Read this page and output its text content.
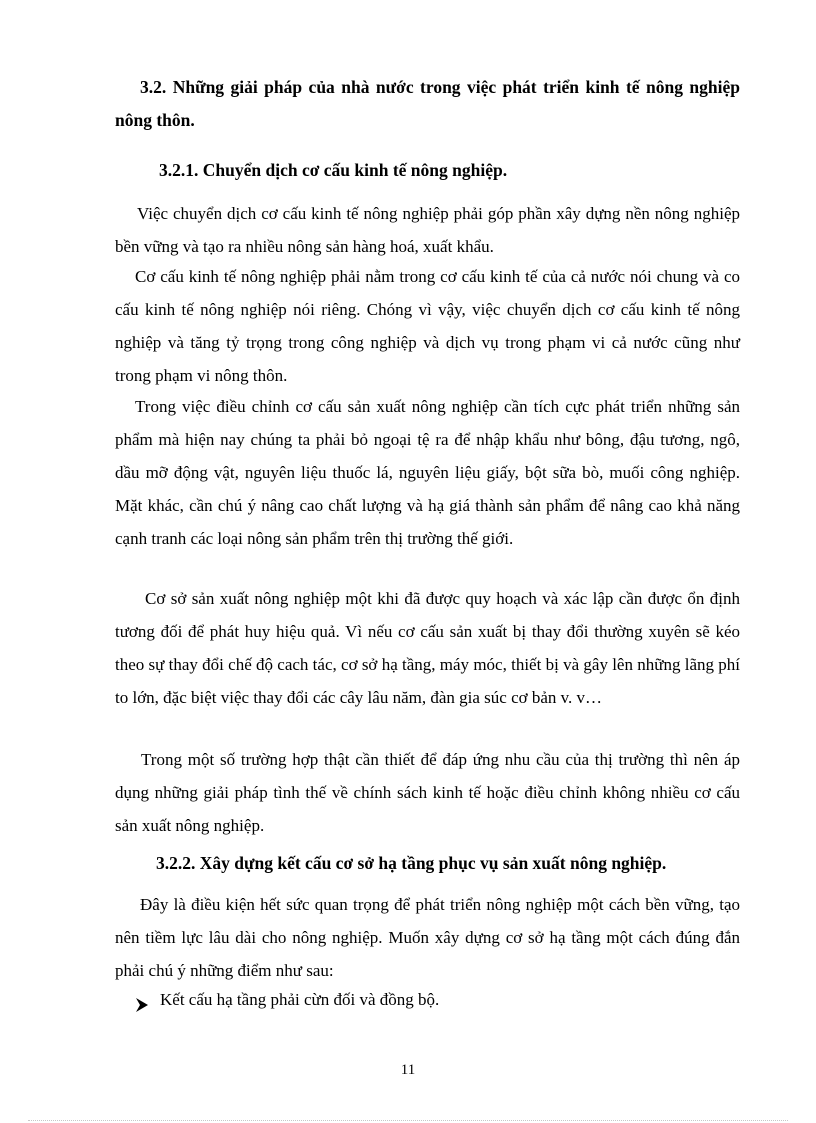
3.2. Những giải pháp của nhà nước trong việc phát triển kinh tế nông nghiệp nông thôn.

3.2.1. Chuyển dịch cơ cấu kinh tế nông nghiệp.

Việc chuyển dịch cơ cấu kinh tế nông nghiệp phải góp phần xây dựng nền nông nghiệp bền vững và tạo ra nhiều nông sản hàng hoá, xuất khẩu.

Cơ cấu kinh tế nông nghiệp phải nằm trong cơ cấu kinh tế của cả nước nói chung và co cấu kinh tế nông nghiệp nói riêng. Chóng vì vậy, việc chuyển dịch cơ cấu kinh tế nông nghiệp và tăng tỷ trọng trong công nghiệp và dịch vụ trong phạm vi cả nước cũng như trong phạm vi nông thôn.

Trong việc điều chỉnh cơ cấu sản xuất nông nghiệp cần tích cực phát triển những sản phẩm mà hiện nay chúng ta phải bỏ ngoại tệ ra để nhập khẩu như bông, đậu tương, ngô, dầu mỡ động vật, nguyên liệu thuốc lá, nguyên liệu giấy, bột sữa bò, muối công nghiệp. Mặt khác, cần chú ý nâng cao chất lượng và hạ giá thành sản phẩm để nâng cao khả năng cạnh tranh các loại nông sản phẩm trên thị trường thế giới.

Cơ sở sản xuất nông nghiệp một khi đã được quy hoạch và xác lập cần được ổn định tương đối để phát huy hiệu quả. Vì nếu cơ cấu sản xuất bị thay đổi thường xuyên sẽ kéo theo sự thay đổi chế độ cach tác, cơ sở hạ tầng, máy móc, thiết bị và gây lên những lãng phí to lớn, đặc biệt việc thay đổi các cây lâu năm, đàn gia súc cơ bản v. v…

Trong một số trường hợp thật cần thiết để đáp ứng nhu cầu của thị trường thì nên áp dụng những giải pháp tình thế về chính sách kinh tế hoặc điều chỉnh không nhiều cơ cấu sản xuất nông nghiệp.

3.2.2. Xây dựng kết cấu cơ sở hạ tầng phục vụ sản xuất nông nghiệp.

Đây là điều kiện hết sức quan trọng để phát triển nông nghiệp một cách bền vững, tạo nên tiềm lực lâu dài cho nông nghiệp. Muốn xây dựng cơ sở hạ tầng một cách đúng đắn phải chú ý những điểm như sau:

Kết cấu hạ tầng phải cừn đối và đồng bộ.
11
